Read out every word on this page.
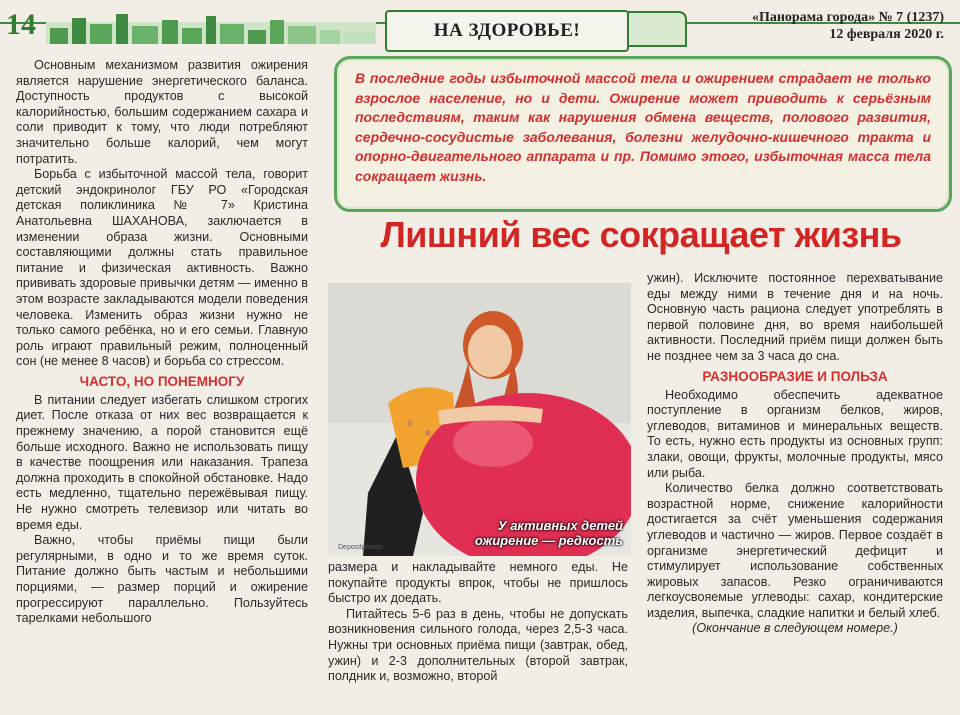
14	НА ЗДОРОВЬЕ!
«Панорама города» № 7 (1237)
12 февраля 2020 г.

Основным механизмом развития ожирения является нарушение энергетического баланса. Доступность продуктов с высокой калорийностью, большим содержанием сахара и соли приводит к тому, что люди потребляют значительно больше калорий, чем могут потратить.

Борьба с избыточной массой тела, говорит детский эндокринолог ГБУ РО «Городская детская поликлиника № 7» Кристина Анатольевна ШАХАНОВА, заключается в изменении образа жизни. Основными составляющими должны стать правильное питание и физическая активность. Важно прививать здоровые привычки детям — именно в этом возрасте закладываются модели поведения человека. Изменить образ жизни нужно не только самого ребёнка, но и его семьи. Главную роль играют правильный режим, полноценный сон (не менее 8 часов) и борьба со стрессом.

ЧАСТО, НО ПОНЕМНОГУ

В питании следует избегать слишком строгих диет. После отказа от них вес возвращается к прежнему значению, а порой становится ещё больше исходного. Важно не использовать пищу в качестве поощрения или наказания. Трапеза должна проходить в спокойной обстановке. Надо есть медленно, тщательно пережёвывая пищу. Не нужно смотреть телевизор или читать во время еды.

Важно, чтобы приёмы пищи были регулярными, в одно и то же время суток. Питание должно быть частым и небольшими порциями, — размер порций и ожирение прогрессируют параллельно. Пользуйтесь тарелками небольшого

В последние годы избыточной массой тела и ожирением страдает не только взрослое население, но и дети. Ожирение может приводить к серьёзным последствиям, таким как нарушения обмена веществ, полового развития, сердечно-сосудистые заболевания, болезни желудочно-кишечного тракта и опорно-двигательного аппарата и пр. Помимо этого, избыточная масса тела сокращает жизнь.

Лишний вес сокращает жизнь
Depositphotos
У активных детей
ожирение — редкость

размера и накладывайте немного еды. Не покупайте продукты впрок, чтобы не пришлось быстро их доедать.

Питайтесь 5-6 раз в день, чтобы не допускать возникновения сильного голода, через 2,5-3 часа. Нужны три основных приёма пищи (завтрак, обед, ужин) и 2-3 дополнительных (второй завтрак, полдник и, возможно, второй

ужин). Исключите постоянное перехватывание еды между ними в течение дня и на ночь. Основную часть рациона следует употреблять в первой половине дня, во время наибольшей активности. Последний приём пищи должен быть не позднее чем за 3 часа до сна.

РАЗНООБРАЗИЕ И ПОЛЬЗА

Необходимо обеспечить адекватное поступление в организм белков, жиров, углеводов, витаминов и минеральных веществ. То есть, нужно есть продукты из основных групп: злаки, овощи, фрукты, молочные продукты, мясо или рыба.

Количество белка должно соответствовать возрастной норме, снижение калорийности достигается за счёт уменьшения содержания углеводов и частично — жиров. Первое создаёт в организме энергетический дефицит и стимулирует использование собственных жировых запасов. Резко ограничиваются легкоусвояемые углеводы: сахар, кондитерские изделия, выпечка, сладкие напитки и белый хлеб.

(Окончание в следующем номере.)
